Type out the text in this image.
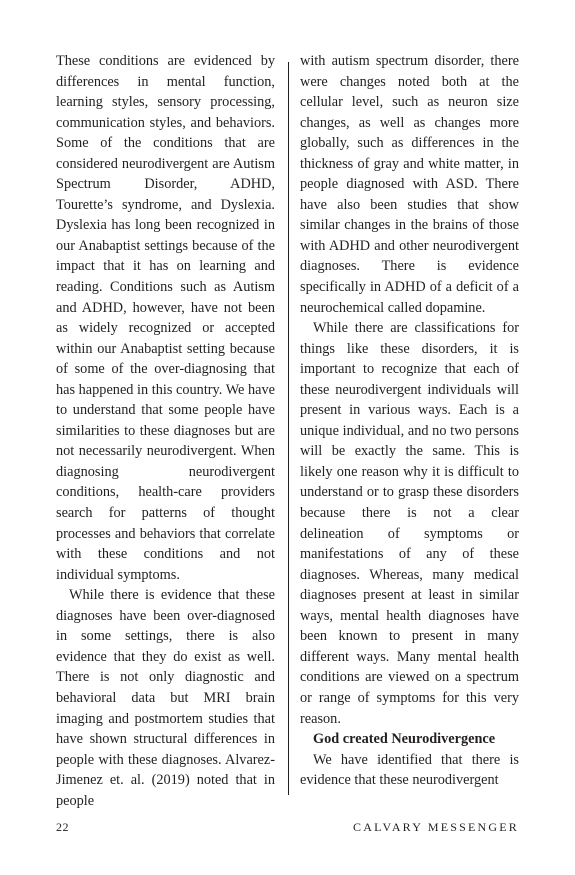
These conditions are evidenced by differences in mental function, learning styles, sensory processing, communication styles, and behaviors. Some of the conditions that are considered neurodivergent are Autism Spectrum Disorder, ADHD, Tourette’s syndrome, and Dyslexia. Dyslexia has long been recognized in our Anabaptist settings because of the impact that it has on learning and reading. Conditions such as Autism and ADHD, however, have not been as widely recognized or accepted within our Anabaptist setting because of some of the over-diagnosing that has happened in this country. We have to understand that some people have similarities to these diagnoses but are not necessarily neurodivergent. When diagnosing neurodivergent conditions, health-care providers search for patterns of thought processes and behaviors that correlate with these conditions and not individual symptoms.

While there is evidence that these diagnoses have been over-diagnosed in some settings, there is also evidence that they do exist as well. There is not only diagnostic and behavioral data but MRI brain imaging and postmortem studies that have shown structural differences in people with these diagnoses. Alvarez-Jimenez et. al. (2019) noted that in people

with autism spectrum disorder, there were changes noted both at the cellular level, such as neuron size changes, as well as changes more globally, such as differences in the thickness of gray and white matter, in people diagnosed with ASD. There have also been studies that show similar changes in the brains of those with ADHD and other neurodivergent diagnoses. There is evidence specifically in ADHD of a deficit of a neurochemical called dopamine.

While there are classifications for things like these disorders, it is important to recognize that each of these neurodivergent individuals will present in various ways. Each is a unique individual, and no two persons will be exactly the same. This is likely one reason why it is difficult to understand or to grasp these disorders because there is not a clear delineation of symptoms or manifestations of any of these diagnoses. Whereas, many medical diagnoses present at least in similar ways, mental health diagnoses have been known to present in many different ways. Many mental health conditions are viewed on a spectrum or range of symptoms for this very reason.

God created Neurodivergence

We have identified that there is evidence that these neurodivergent

22	CALVARY MESSENGER
